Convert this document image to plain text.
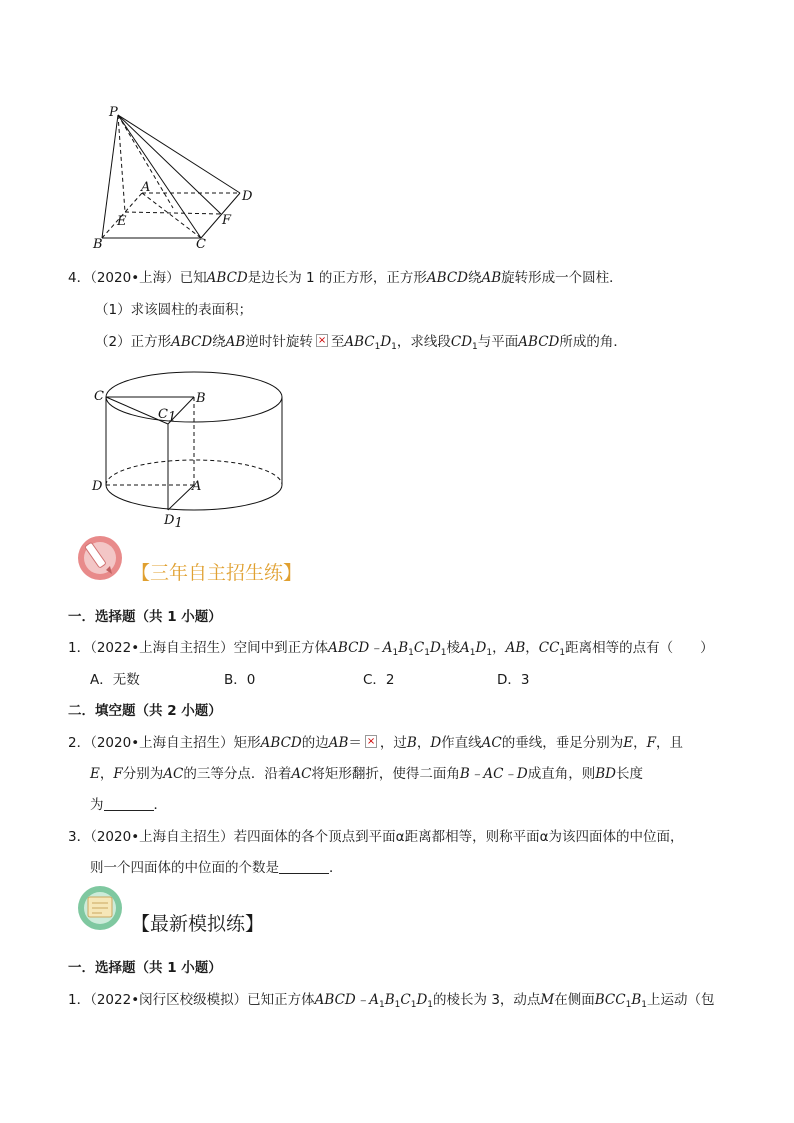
P
A
D
E	F
B	C
4．（2020•上海）已知ABCD是边长为 1 的正方形，正方形ABCD绕AB旋转形成一个圆柱．
（1）求该圆柱的表面积；
（2）正方形ABCD绕AB逆时针旋转 × 至$ABC_1D_1$，求线段$CD_1$与平面ABCD所成的角．
C	B
C1
D	A
D1
【三年自主招生练】
一．选择题（共 1 小题）
1．（2022•上海自主招生）空间中到正方体$ABCD﹣A_1B_1C_1D_1$棱$A_1D_1$，AB，$CC_1$距离相等的点有（　　）
A．无数	B．0	C．2	D．3
二．填空题（共 2 小题）
2．（2020•上海自主招生）矩形ABCD的边AB＝ × ，过B，D作直线AC的垂线，垂足分别为E，F，且
E，F分别为AC的三等分点．沿着AC将矩形翻折，使得二面角B﹣AC﹣D成直角，则BD长度
为	．
3．（2020•上海自主招生）若四面体的各个顶点到平面α距离都相等，则称平面α为该四面体的中位面，
则一个四面体的中位面的个数是	．
【最新模拟练】
一．选择题（共 1 小题）
1．（2022•闵行区校级模拟）已知正方体$ABCD﹣A_1B_1C_1D_1$的棱长为 3，动点M在侧面$BCC_1B_1$上运动（包
